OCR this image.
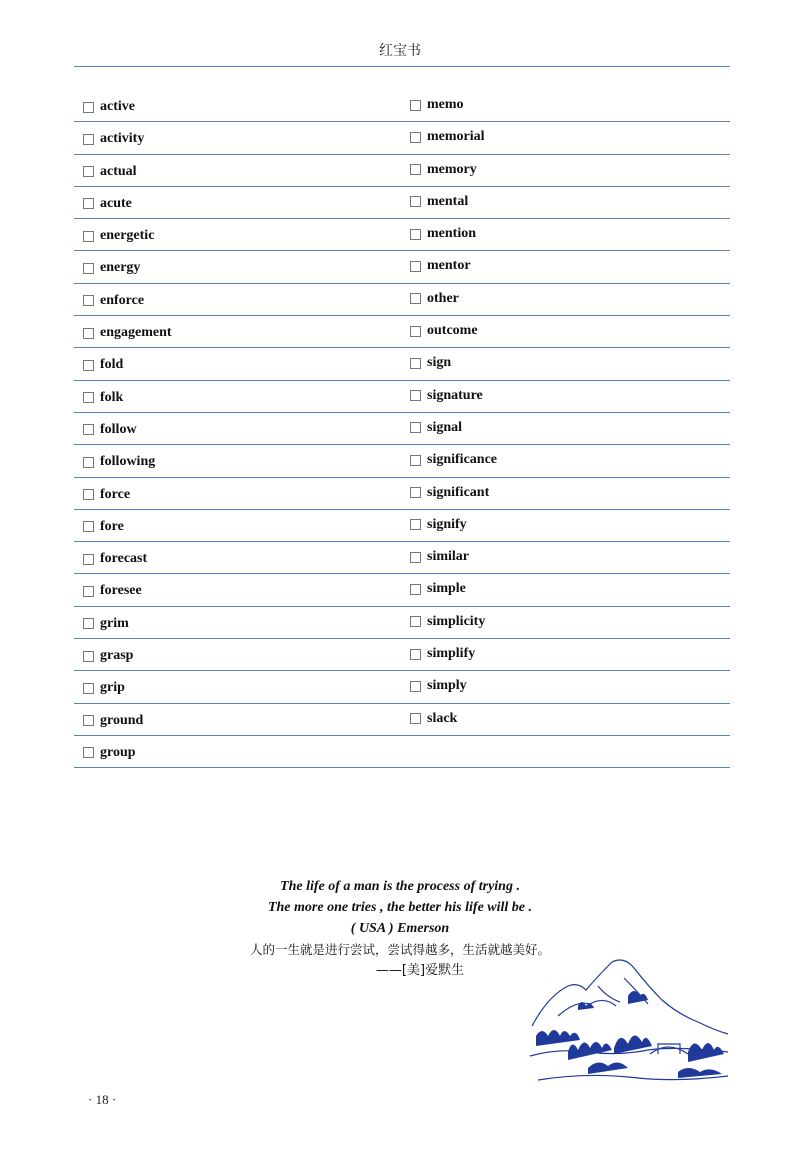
红宝书
active	memo
activity	memorial
actual	memory
acute	mental
energetic	mention
energy	mentor
enforce	other
engagement	outcome
fold	sign
folk	signature
follow	signal
following	significance
force	significant
fore	signify
forecast	similar
foresee	simple
grim	simplicity
grasp	simplify
grip	simply
ground	slack
group
The life of a man is the process of trying .
The more one tries , the better his life will be .
( USA ) Emerson
人的一生就是进行尝试，尝试得越多，生活就越美好。
——[美]爱默生
· 18 ·
